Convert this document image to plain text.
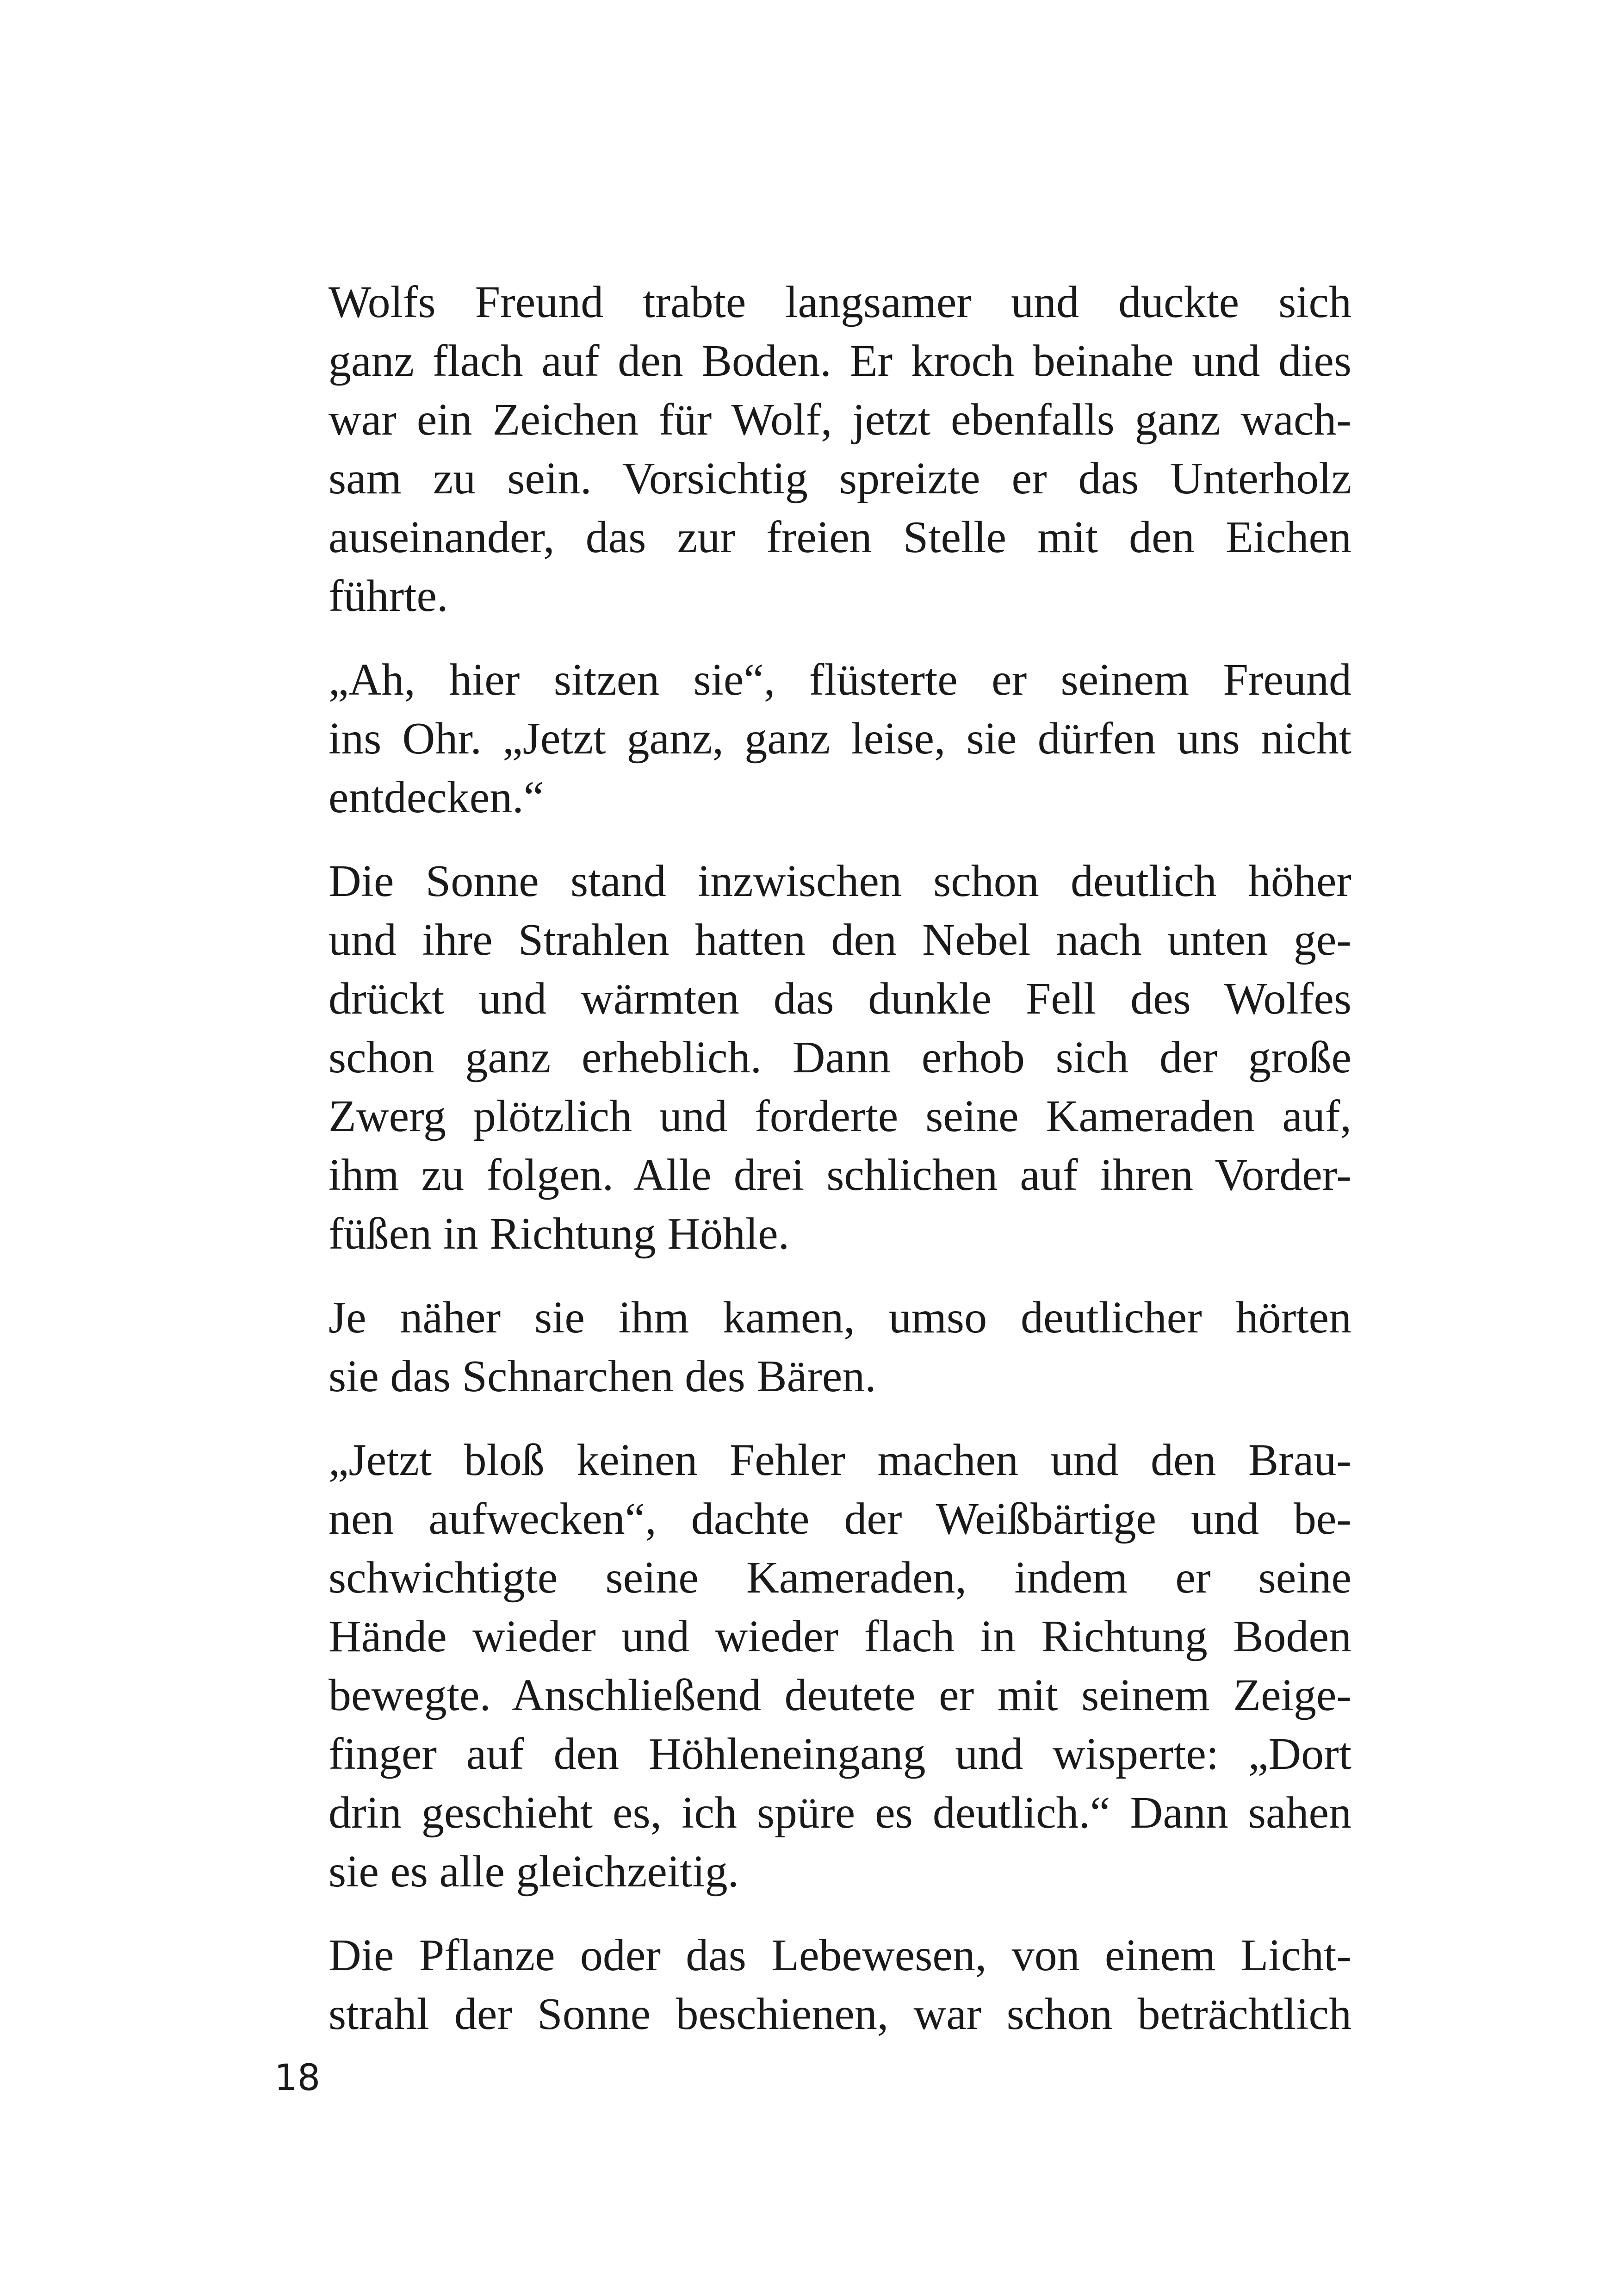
Wolfs Freund trabte langsamer und duckte sich
ganz flach auf den Boden. Er kroch beinahe und dies
war ein Zeichen für Wolf, jetzt ebenfalls ganz wach-
sam zu sein. Vorsichtig spreizte er das Unterholz
auseinander, das zur freien Stelle mit den Eichen
führte.

„Ah, hier sitzen sie“, flüsterte er seinem Freund
ins Ohr. „Jetzt ganz, ganz leise, sie dürfen uns nicht
entdecken.“

Die Sonne stand inzwischen schon deutlich höher
und ihre Strahlen hatten den Nebel nach unten ge-
drückt und wärmten das dunkle Fell des Wolfes
schon ganz erheblich. Dann erhob sich der große
Zwerg plötzlich und forderte seine Kameraden auf,
ihm zu folgen. Alle drei schlichen auf ihren Vorder-
füßen in Richtung Höhle.

Je näher sie ihm kamen, umso deutlicher hörten
sie das Schnarchen des Bären.

„Jetzt bloß keinen Fehler machen und den Brau-
nen aufwecken“, dachte der Weißbärtige und be-
schwichtigte seine Kameraden, indem er seine
Hände wieder und wieder flach in Richtung Boden
bewegte. Anschließend deutete er mit seinem Zeige-
finger auf den Höhleneingang und wisperte: „Dort
drin geschieht es, ich spüre es deutlich.“ Dann sahen
sie es alle gleichzeitig.

Die Pflanze oder das Lebewesen, von einem Licht-
strahl der Sonne beschienen, war schon beträchtlich

18
